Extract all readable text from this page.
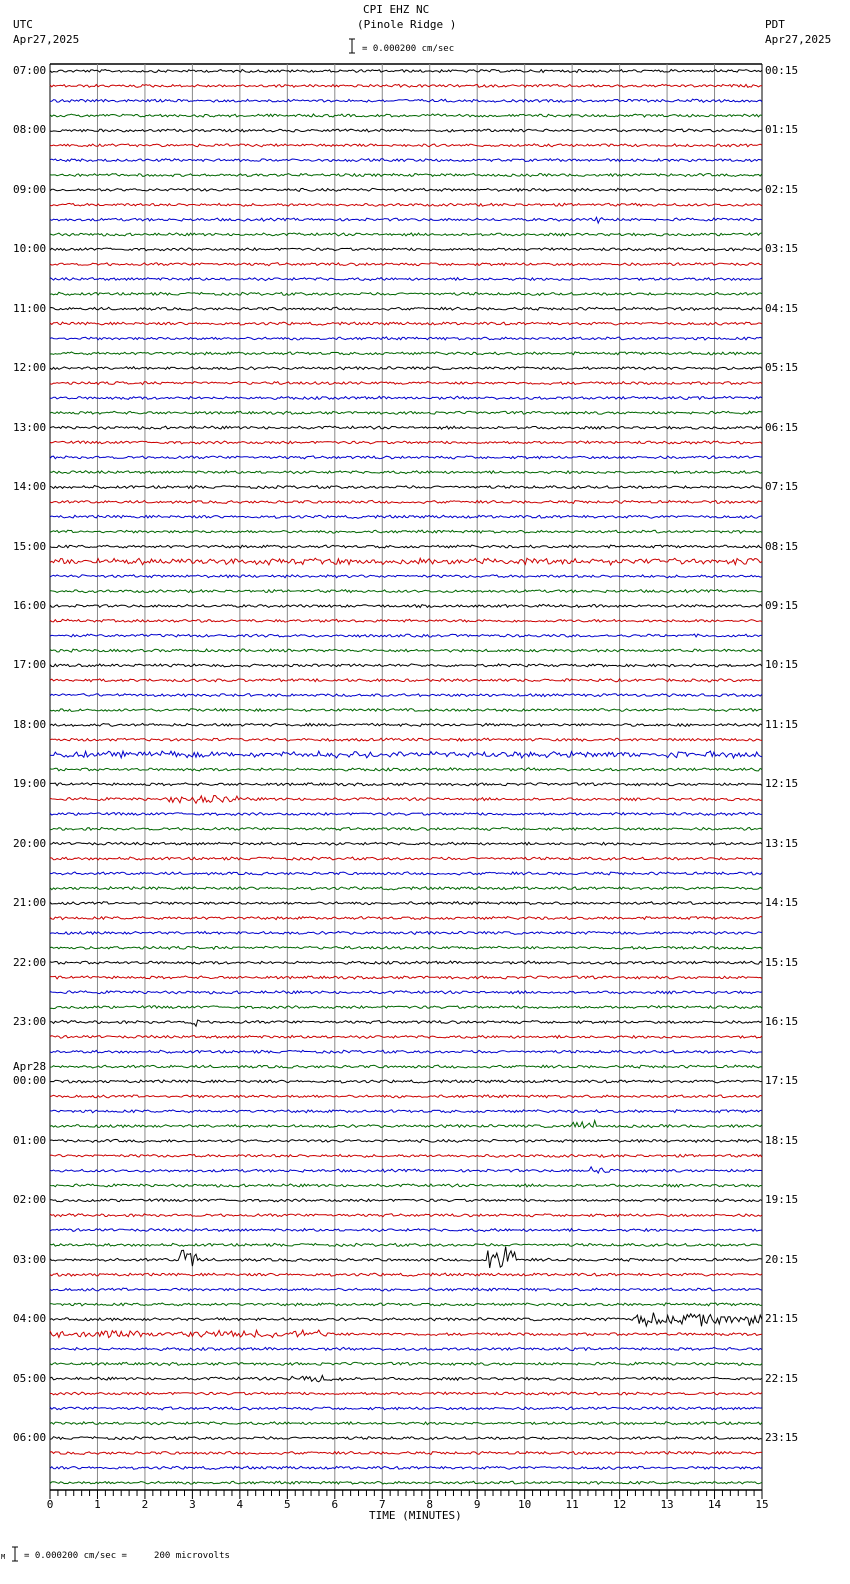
CPI EHZ NC
(Pinole Ridge )
UTC
Apr27,2025
PDT
Apr27,2025
= 0.000200 cm/sec
TIME (MINUTES)
M = 0.000200 cm/sec =     200 microvolts
0	1	2	3	4	5	6	7	8	9	10	11	12	13	14	15
07:00
08:00
09:00
10:00
11:00
12:00
13:00
14:00
15:00
16:00
17:00
18:00
19:00
20:00
21:00
22:00
23:00
00:00
01:00
02:00
03:00
04:00
05:00
06:00
00:15
01:15
02:15
03:15
04:15
05:15
06:15
07:15
08:15
09:15
10:15
11:15
12:15
13:15
14:15
15:15
16:15
17:15
18:15
19:15
20:15
21:15
22:15
23:15
Apr28
